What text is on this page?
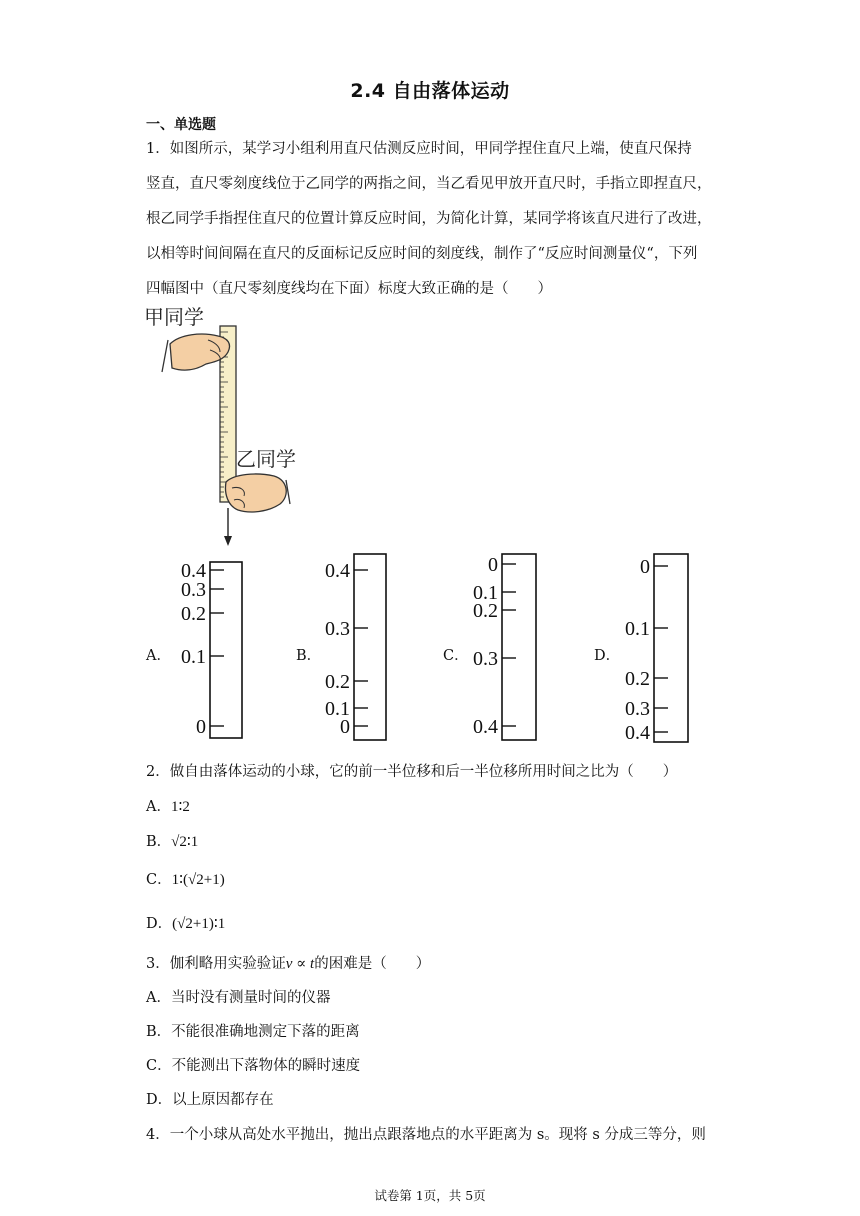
2.4 自由落体运动
一、单选题

1．如图所示，某学习小组利用直尺估测反应时间，甲同学捏住直尺上端，使直尺保持

竖直，直尺零刻度线位于乙同学的两指之间，当乙看见甲放开直尺时，手指立即捏直尺，

根乙同学手指捏住直尺的位置计算反应时间，为简化计算，某同学将该直尺进行了改进，

以相等时间间隔在直尺的反面标记反应时间的刻度线，制作了“反应时间测量仪“，下列

四幅图中（直尺零刻度线均在下面）标度大致正确的是（　　）

甲同学
乙同学
A．
0.4
0.3
0.2
0.1
0
B．
0.4
0.3
0.2
0.1
0
C．
0
0.1
0.2
0.3
0.4
D．
0
0.1
0.2
0.3
0.4
2．做自由落体运动的小球，它的前一半位移和后一半位移所用时间之比为（　　）
A．1∶2
B．√2∶1
C．1∶(√2+1)
D．(√2+1)∶1
3．伽利略用实验验证v ∝ t的困难是（　　）
A．当时没有测量时间的仪器
B．不能很准确地测定下落的距离
C．不能测出下落物体的瞬时速度
D．以上原因都存在
4．一个小球从高处水平抛出，抛出点跟落地点的水平距离为 s。现将 s 分成三等分，则
试卷第 1页，共 5页
